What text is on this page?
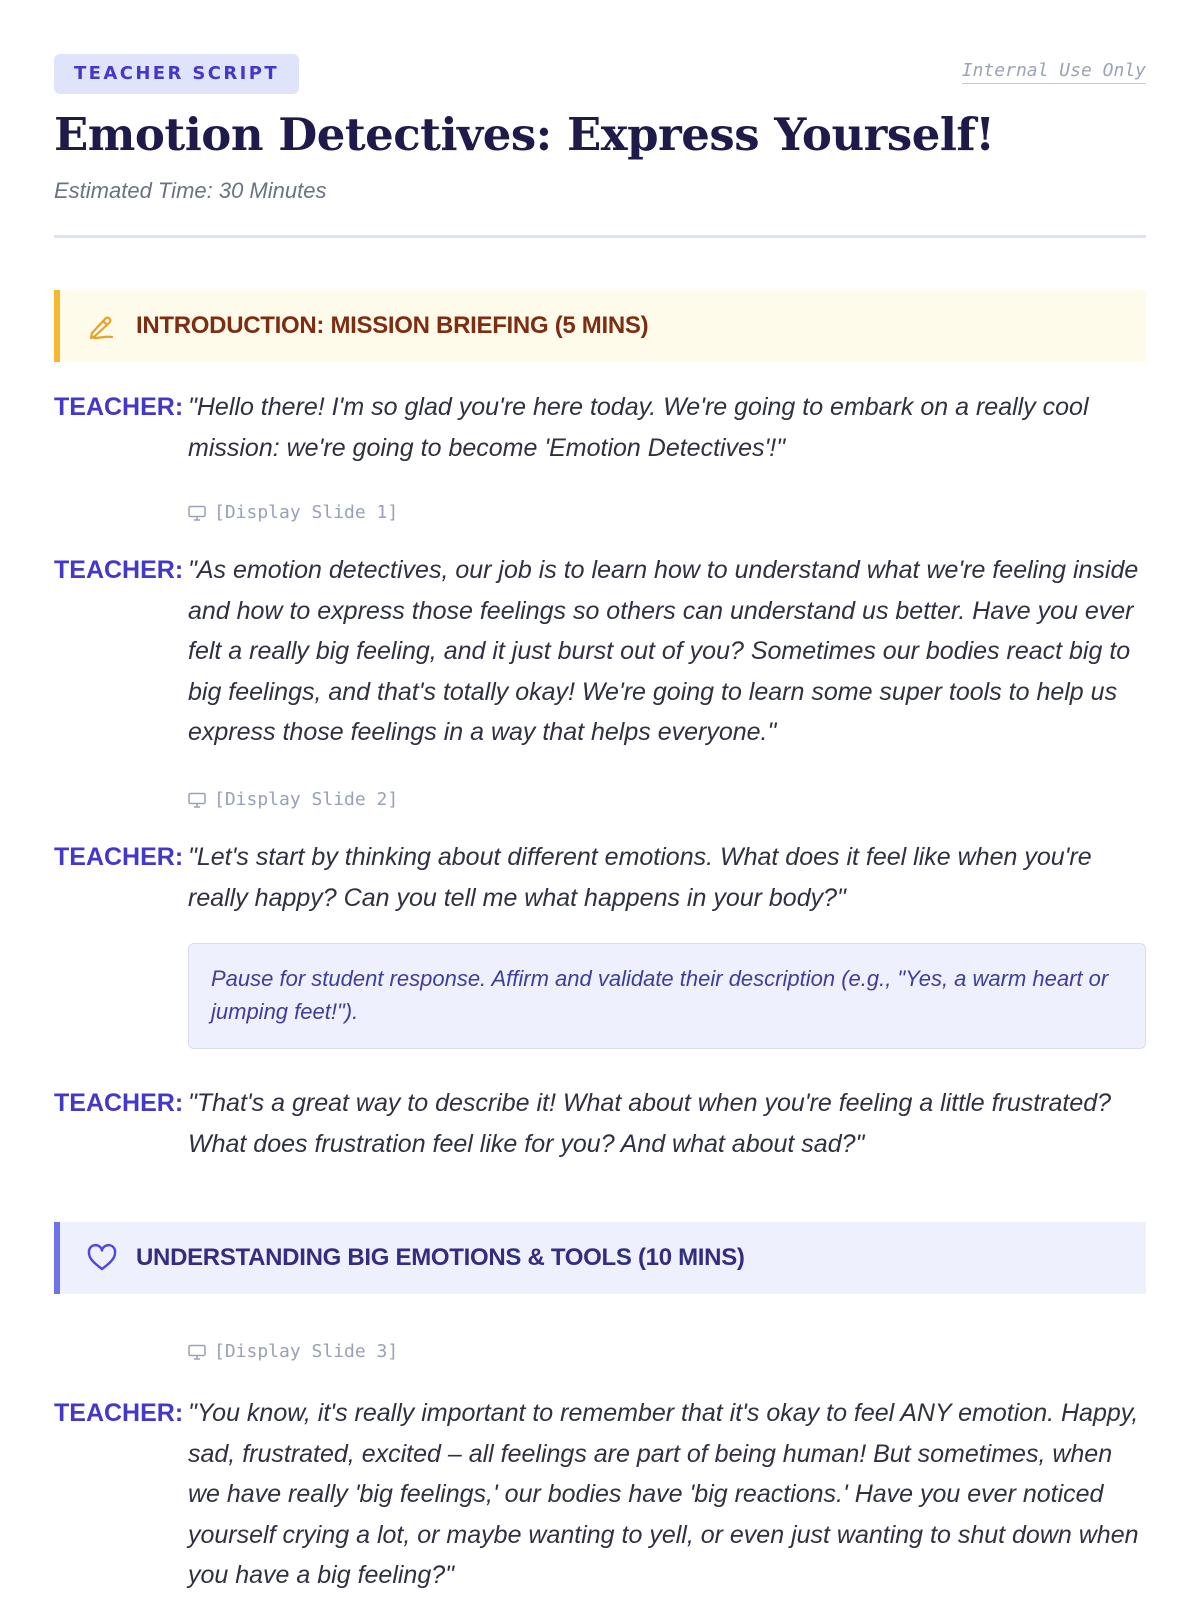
TEACHER SCRIPT	Internal Use Only
Emotion Detectives: Express Yourself!
Estimated Time: 30 Minutes
INTRODUCTION: MISSION BRIEFING (5 MINS)
TEACHER: "Hello there! I'm so glad you're here today. We're going to embark on a really cool mission: we're going to become 'Emotion Detectives'!"
[Display Slide 1]
TEACHER: "As emotion detectives, our job is to learn how to understand what we're feeling inside and how to express those feelings so others can understand us better. Have you ever felt a really big feeling, and it just burst out of you? Sometimes our bodies react big to big feelings, and that's totally okay! We're going to learn some super tools to help us express those feelings in a way that helps everyone."
[Display Slide 2]
TEACHER: "Let's start by thinking about different emotions. What does it feel like when you're really happy? Can you tell me what happens in your body?"
Pause for student response. Affirm and validate their description (e.g., "Yes, a warm heart or jumping feet!").
TEACHER: "That's a great way to describe it! What about when you're feeling a little frustrated? What does frustration feel like for you? And what about sad?"
UNDERSTANDING BIG EMOTIONS & TOOLS (10 MINS)
[Display Slide 3]
TEACHER: "You know, it's really important to remember that it's okay to feel ANY emotion. Happy, sad, frustrated, excited – all feelings are part of being human! But sometimes, when we have really 'big feelings,' our bodies have 'big reactions.' Have you ever noticed yourself crying a lot, or maybe wanting to yell, or even just wanting to shut down when you have a big feeling?"
